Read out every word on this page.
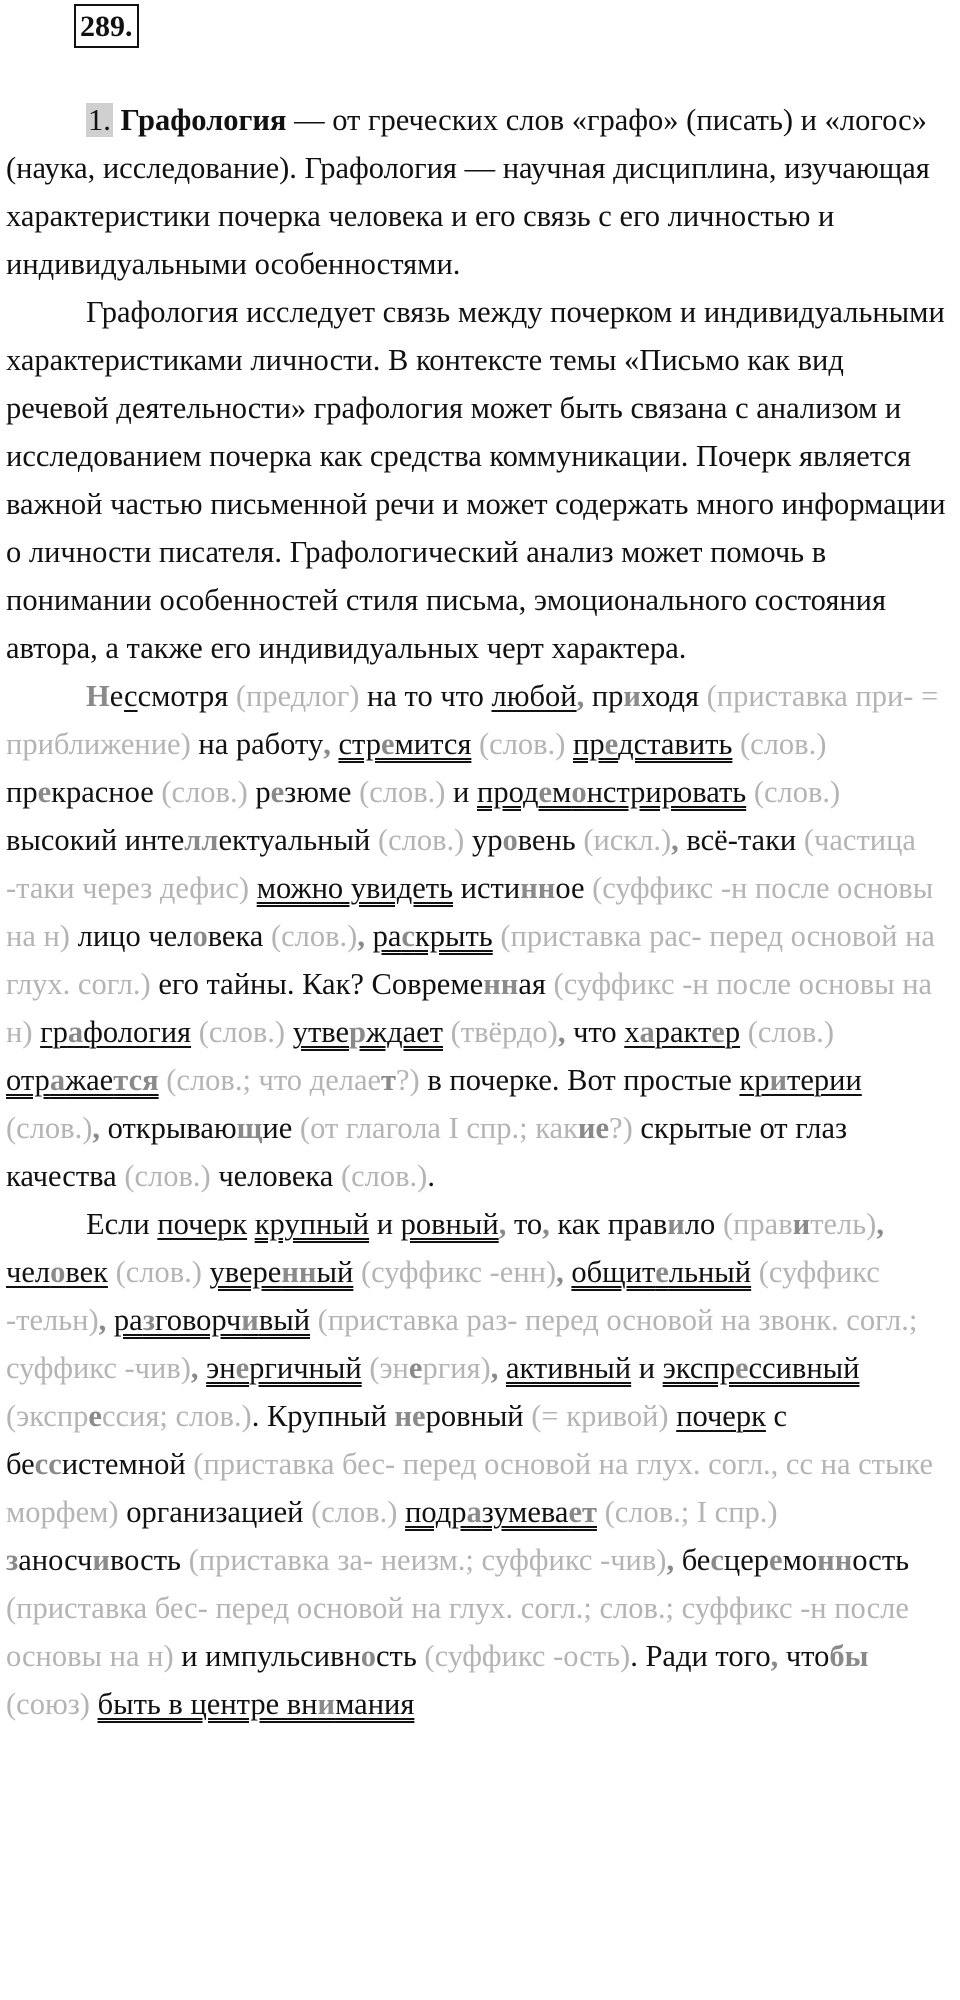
289.

1. Графология — от греческих слов «графо» (писать) и «логос» (наука, исследование). Графология — научная дисциплина, изучающая характеристики почерка человека и его связь с его личностью и индивидуальными особенностями.

Графология исследует связь между почерком и индивидуальными характеристиками личности. В контексте темы «Письмо как вид речевой деятельности» графология может быть связана с анализом и исследованием почерка как средства коммуникации. Почерк является важной частью письменной речи и может содержать много информации о личности писателя. Графологический анализ может помочь в понимании особенностей стиля письма, эмоционального состояния автора, а также его индивидуальных черт характера.

Нессмотря (предлог) на то что любой, приходя (приставка при- = приближение) на работу, стремится (слов.) представить (слов.) прекрасное (слов.) резюме (слов.) и продемонстрировать (слов.) высокий интеллектуальный (слов.) уровень (искл.), всё-таки (частица -таки через дефис) можно увидеть истинное (суффикс -н после основы на н) лицо человека (слов.), раскрыть (приставка рас- перед основой на глух. согл.) его тайны. Как? Современная (суффикс -н после основы на н) графология (слов.) утверждает (твёрдо), что характер (слов.) отражается (слов.; что делает?) в почерке. Вот простые критерии (слов.), открывающие (от глагола I спр.; какие?) скрытые от глаз качества (слов.) человека (слов.).

Если почерк крупный и ровный, то, как правило (правитель), человек (слов.) уверенный (суффикс -енн), общительный (суффикс -тельн), разговорчивый (приставка раз- перед основой на звонк. согл.; суффикс -чив), энергичный (энергия), активный и экспрессивный (экспрессия; слов.). Крупный неровный (= кривой) почерк с бессистемной (приставка бес- перед основой на глух. согл., сс на стыке морфем) организацией (слов.) подразумевает (слов.; I спр.) заносчивость (приставка за- неизм.; суффикс -чив), бесцеремонность (приставка бес- перед основой на глух. согл.; слов.; суффикс -н после основы на н) и импульсивность (суффикс -ость). Ради того, чтобы (союз) быть в центре внимания
